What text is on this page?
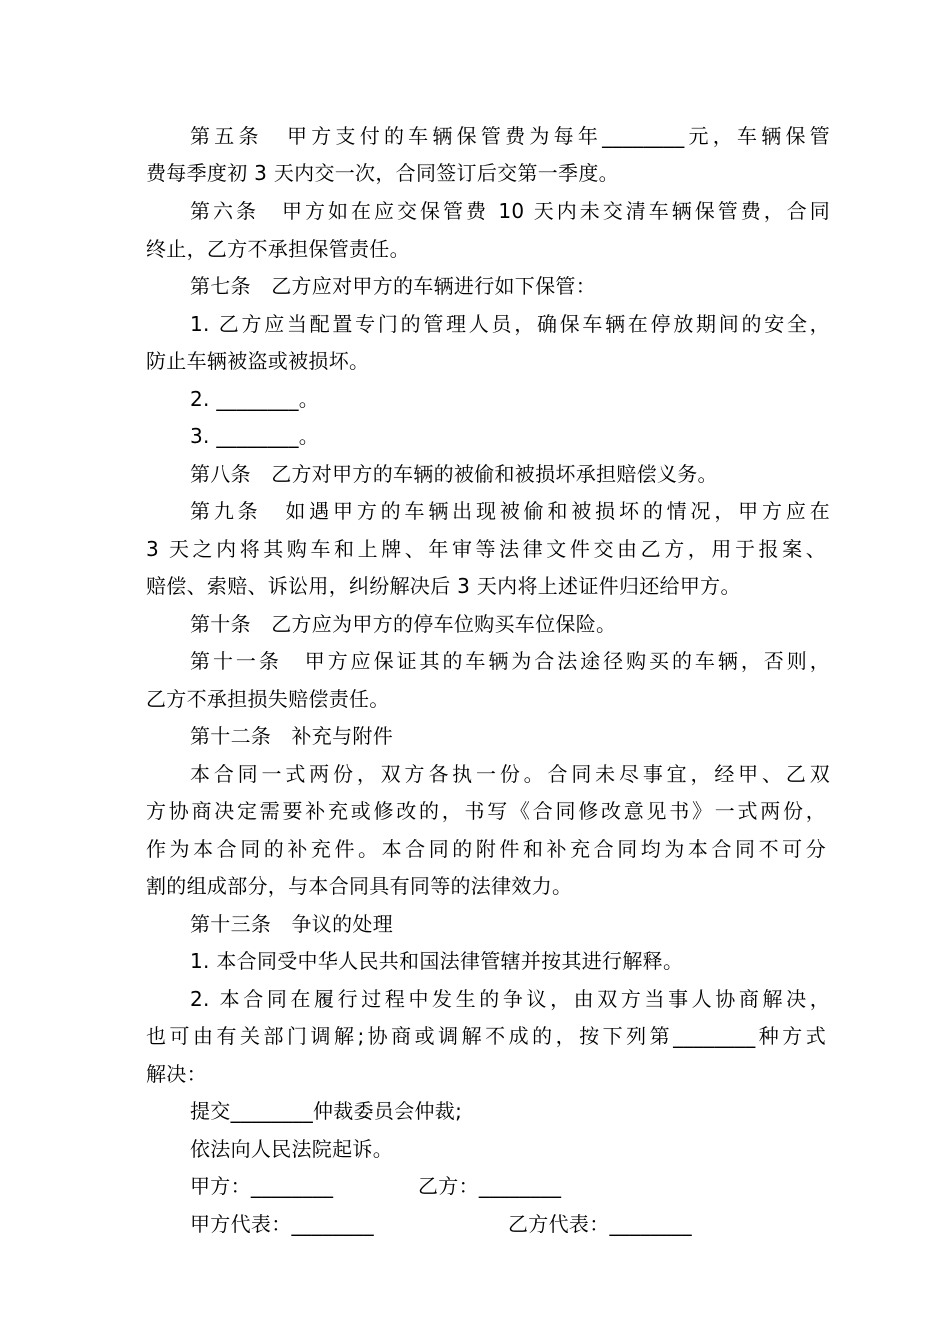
第五条　甲方支付的车辆保管费为每年________元，车辆保管
费每季度初 3 天内交一次，合同签订后交第一季度。
第六条　甲方如在应交保管费 10 天内未交清车辆保管费，合同
终止，乙方不承担保管责任。
第七条　乙方应对甲方的车辆进行如下保管：
1. 乙方应当配置专门的管理人员，确保车辆在停放期间的安全，
防止车辆被盗或被损坏。
2. ________。
3. ________。
第八条　乙方对甲方的车辆的被偷和被损坏承担赔偿义务。
第九条　如遇甲方的车辆出现被偷和被损坏的情况，甲方应在
3 天之内将其购车和上牌、年审等法律文件交由乙方，用于报案、
赔偿、索赔、诉讼用，纠纷解决后 3 天内将上述证件归还给甲方。
第十条　乙方应为甲方的停车位购买车位保险。
第十一条　甲方应保证其的车辆为合法途径购买的车辆，否则，
乙方不承担损失赔偿责任。
第十二条　补充与附件
本合同一式两份，双方各执一份。合同未尽事宜，经甲、乙双
方协商决定需要补充或修改的，书写《合同修改意见书》一式两份，
作为本合同的补充件。本合同的附件和补充合同均为本合同不可分
割的组成部分，与本合同具有同等的法律效力。
第十三条　争议的处理
1. 本合同受中华人民共和国法律管辖并按其进行解释。
2. 本合同在履行过程中发生的争议，由双方当事人协商解决，
也可由有关部门调解;协商或调解不成的，按下列第________种方式
解决：
提交________仲裁委员会仲裁;
依法向人民法院起诉。
甲方：________	乙方：________
甲方代表：________	乙方代表：________
